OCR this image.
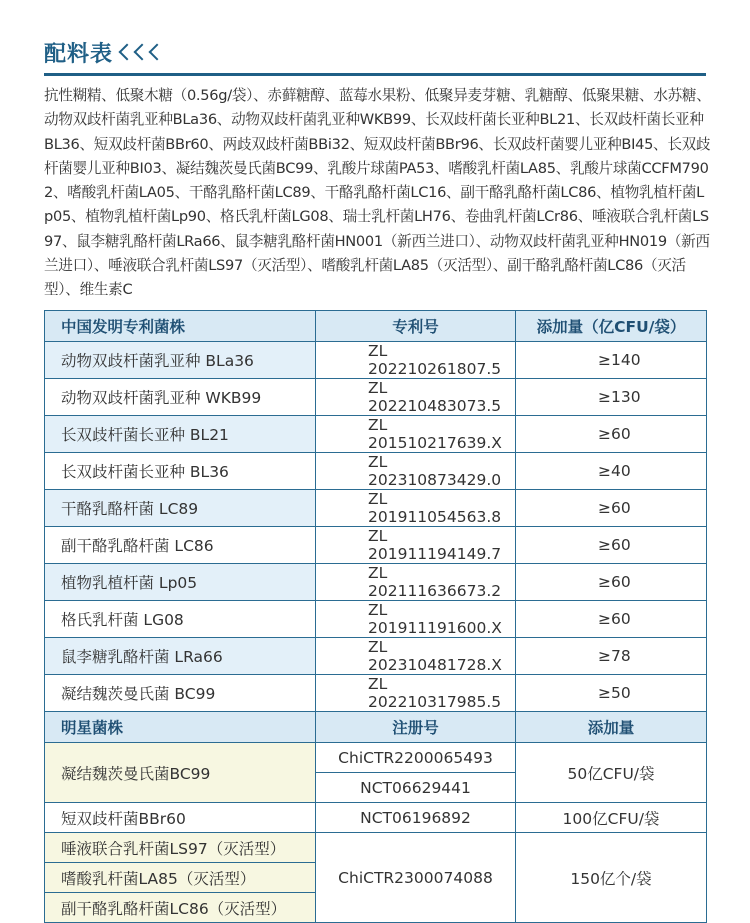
配料表
抗性糊精、低聚木糖（0.56g/袋）、赤藓糖醇、蓝莓水果粉、低聚异麦芽糖、乳糖醇、低聚果糖、水苏糖、动物双歧杆菌乳亚种BLa36、动物双歧杆菌乳亚种WKB99、长双歧杆菌长亚种BL21、长双歧杆菌长亚种BL36、短双歧杆菌BBr60、两歧双歧杆菌BBi32、短双歧杆菌BBr96、长双歧杆菌婴儿亚种BI45、长双歧杆菌婴儿亚种BI03、凝结魏茨曼氏菌BC99、乳酸片球菌PA53、嗜酸乳杆菌LA85、乳酸片球菌CCFM7902、嗜酸乳杆菌LA05、干酪乳酪杆菌LC89、干酪乳酪杆菌LC16、副干酪乳酪杆菌LC86、植物乳植杆菌Lp05、植物乳植杆菌Lp90、格氏乳杆菌LG08、瑞士乳杆菌LH76、卷曲乳杆菌LCr86、唾液联合乳杆菌LS97、鼠李糖乳酪杆菌LRa66、鼠李糖乳酪杆菌HN001（新西兰进口）、动物双歧杆菌乳亚种HN019（新西兰进口）、唾液联合乳杆菌LS97（灭活型）、嗜酸乳杆菌LA85（灭活型）、副干酪乳酪杆菌LC86（灭活型）、维生素C
中国发明专利菌株	专利号	添加量（亿CFU/袋）
动物双歧杆菌乳亚种 BLa36	ZL 202210261807.5	≥140
动物双歧杆菌乳亚种 WKB99	ZL 202210483073.5	≥130
长双歧杆菌长亚种 BL21	ZL 201510217639.X	≥60
长双歧杆菌长亚种 BL36	ZL 202310873429.0	≥40
干酪乳酪杆菌 LC89	ZL 201911054563.8	≥60
副干酪乳酪杆菌 LC86	ZL 201911194149.7	≥60
植物乳植杆菌 Lp05	ZL 202111636673.2	≥60
格氏乳杆菌 LG08	ZL 201911191600.X	≥60
鼠李糖乳酪杆菌 LRa66	ZL 202310481728.X	≥78
凝结魏茨曼氏菌 BC99	ZL 202210317985.5	≥50
明星菌株	注册号	添加量
凝结魏茨曼氏菌BC99	ChiCTR2200065493	50亿CFU/袋
	NCT06629441	
短双歧杆菌BBr60	NCT06196892	100亿CFU/袋
唾液联合乳杆菌LS97（灭活型）	ChiCTR2300074088	150亿个/袋
嗜酸乳杆菌LA85（灭活型）		
副干酪乳酪杆菌LC86（灭活型）		
